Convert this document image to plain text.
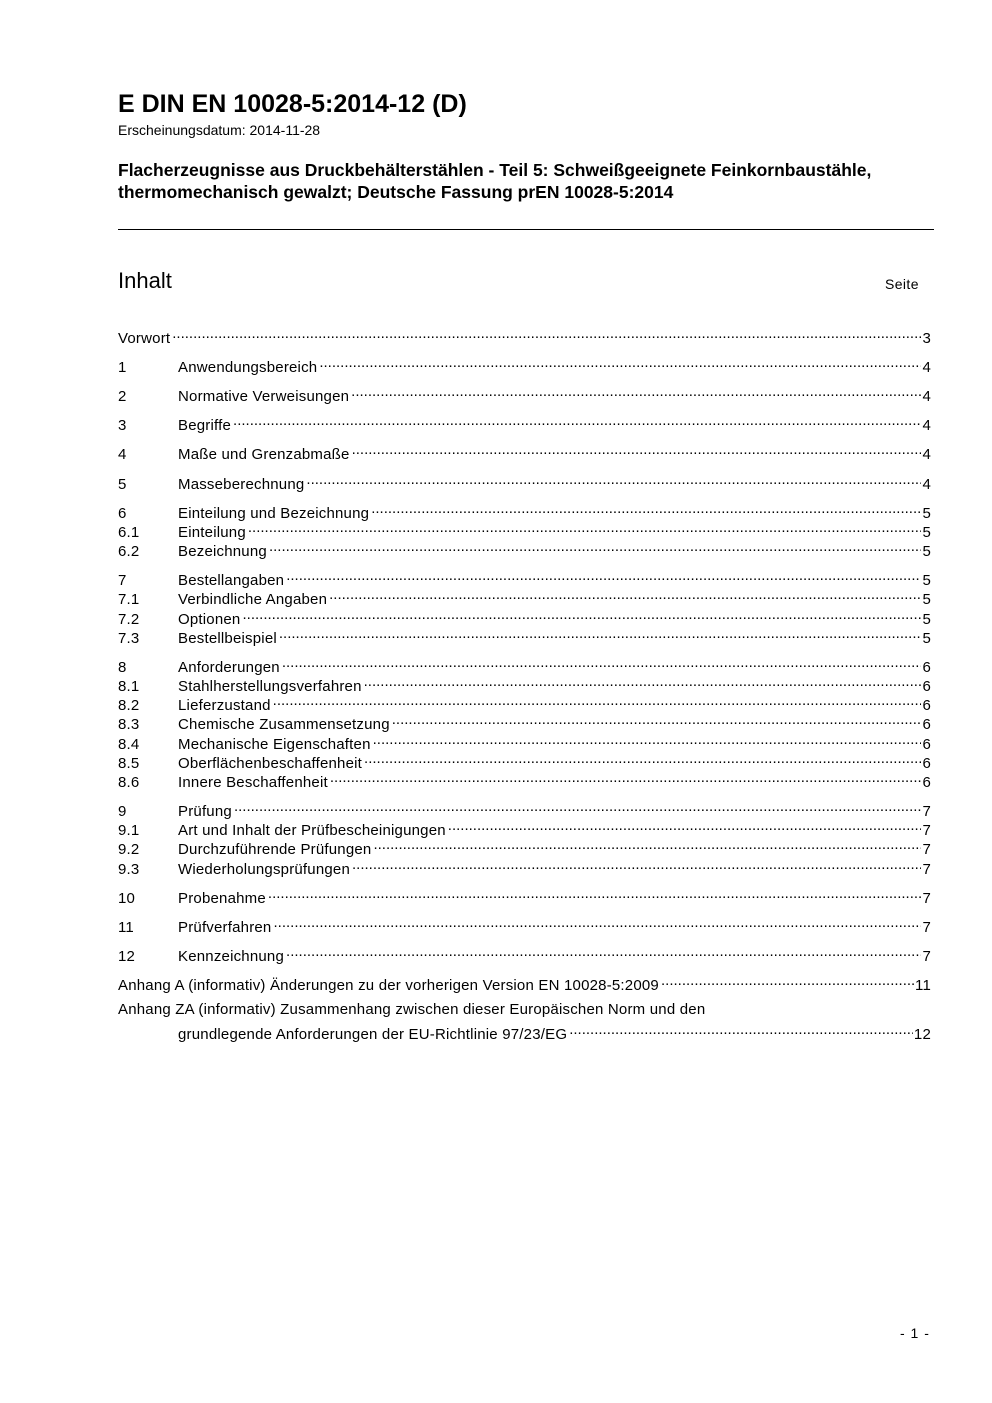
E DIN EN 10028-5:2014-12 (D)
Erscheinungsdatum: 2014-11-28
Flacherzeugnisse aus Druckbehälterstählen - Teil 5: Schweißgeeignete Feinkornbaustähle, thermomechanisch gewalzt; Deutsche Fassung prEN 10028-5:2014
Inhalt	Seite
Vorwort .....	3
1	Anwendungsbereich .....	4
2	Normative Verweisungen .....	4
3	Begriffe .....	4
4	Maße und Grenzabmaße .....	4
5	Masseberechnung .....	4
6	Einteilung und Bezeichnung .....	5
6.1	Einteilung .....	5
6.2	Bezeichnung .....	5
7	Bestellangaben .....	5
7.1	Verbindliche Angaben .....	5
7.2	Optionen .....	5
7.3	Bestellbeispiel .....	5
8	Anforderungen .....	6
8.1	Stahlherstellungsverfahren .....	6
8.2	Lieferzustand .....	6
8.3	Chemische Zusammensetzung .....	6
8.4	Mechanische Eigenschaften .....	6
8.5	Oberflächenbeschaffenheit .....	6
8.6	Innere Beschaffenheit .....	6
9	Prüfung .....	7
9.1	Art und Inhalt der Prüfbescheinigungen .....	7
9.2	Durchzuführende Prüfungen .....	7
9.3	Wiederholungsprüfungen .....	7
10	Probenahme .....	7
11	Prüfverfahren .....	7
12	Kennzeichnung .....	7
Anhang A (informativ) Änderungen zu der vorherigen Version EN 10028-5:2009 .....	11
Anhang ZA (informativ) Zusammenhang zwischen dieser Europäischen Norm und den
grundlegende Anforderungen der EU-Richtlinie 97/23/EG .....	12
- 1 -
